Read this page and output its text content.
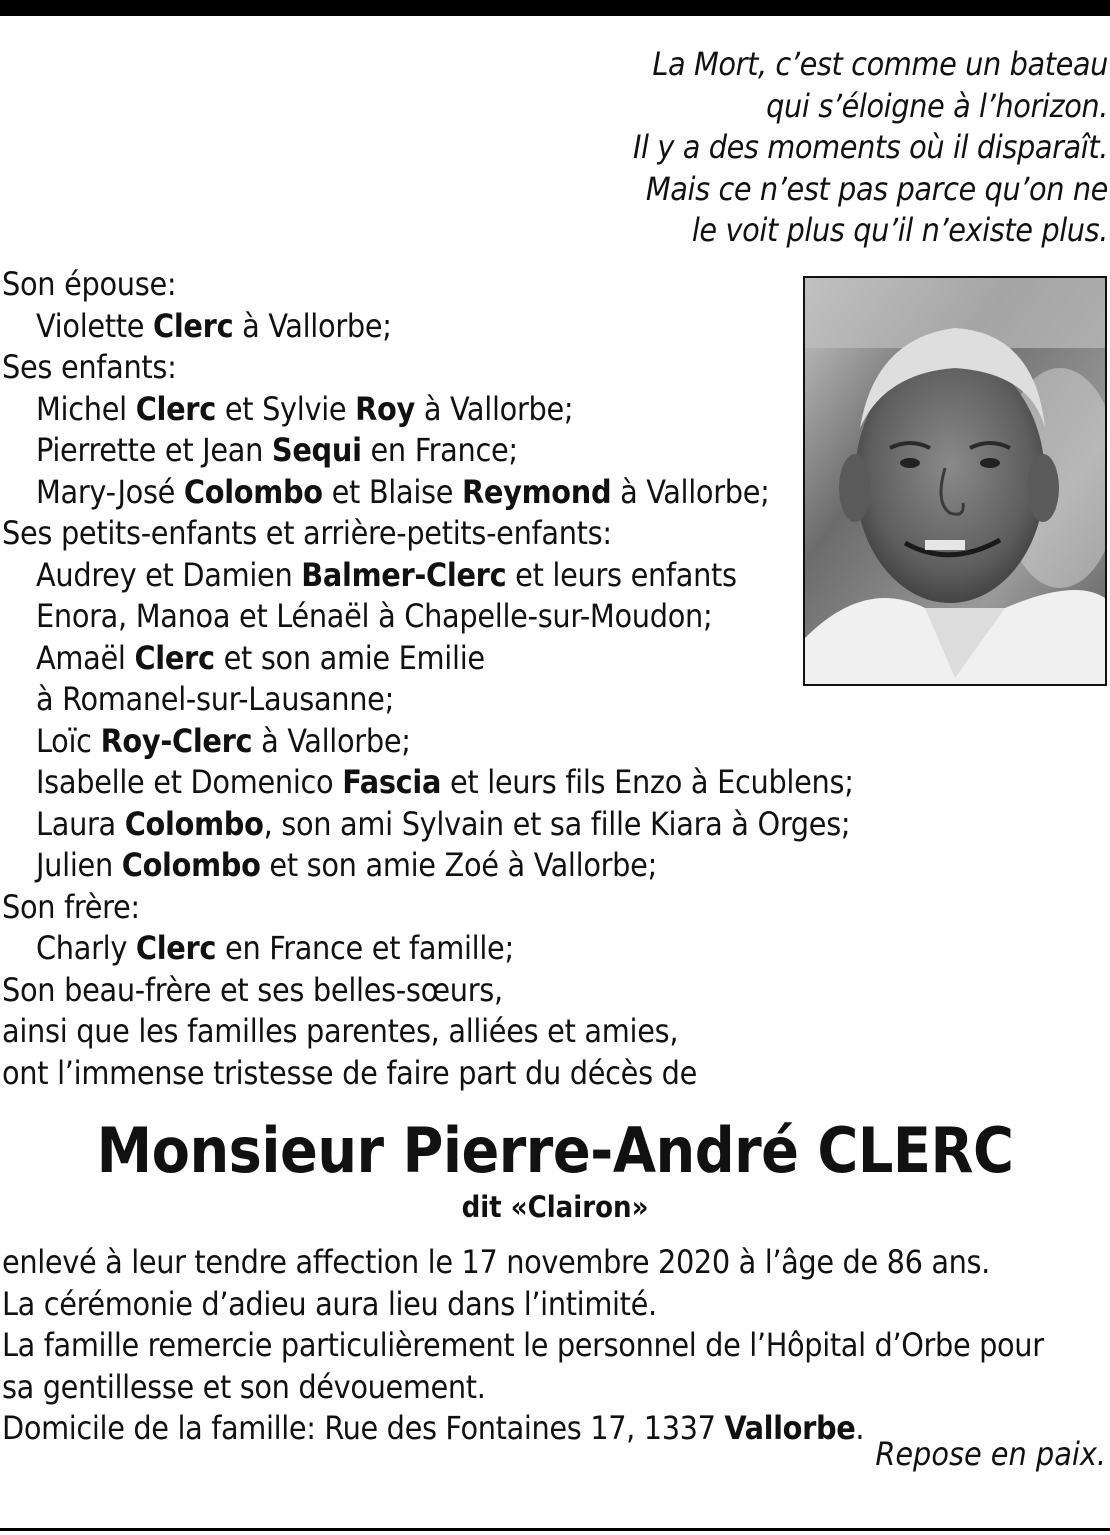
La Mort, c’est comme un bateau
qui s’éloigne à l’horizon.
Il y a des moments où il disparaît.
Mais ce n’est pas parce qu’on ne
le voit plus qu’il n’existe plus.
Son épouse:
Violette Clerc à Vallorbe;
Ses enfants:
Michel Clerc et Sylvie Roy à Vallorbe;
Pierrette et Jean Sequi en France;
Mary-José Colombo et Blaise Reymond à Vallorbe;
Ses petits-enfants et arrière-petits-enfants:
Audrey et Damien Balmer-Clerc et leurs enfants
Enora, Manoa et Lénaël à Chapelle-sur-Moudon;
Amaël Clerc et son amie Emilie
à Romanel-sur-Lausanne;
Loïc Roy-Clerc à Vallorbe;
Isabelle et Domenico Fascia et leurs fils Enzo à Ecublens;
Laura Colombo, son ami Sylvain et sa fille Kiara à Orges;
Julien Colombo et son amie Zoé à Vallorbe;
Son frère:
Charly Clerc en France et famille;
Son beau-frère et ses belles-sœurs,
ainsi que les familles parentes, alliées et amies,
ont l’immense tristesse de faire part du décès de
Monsieur Pierre-André CLERC
dit «Clairon»
enlevé à leur tendre affection le 17 novembre 2020 à l’âge de 86 ans.
La cérémonie d’adieu aura lieu dans l’intimité.
La famille remercie particulièrement le personnel de l’Hôpital d’Orbe pour
sa gentillesse et son dévouement.
Domicile de la famille: Rue des Fontaines 17, 1337 Vallorbe.
Repose en paix.
